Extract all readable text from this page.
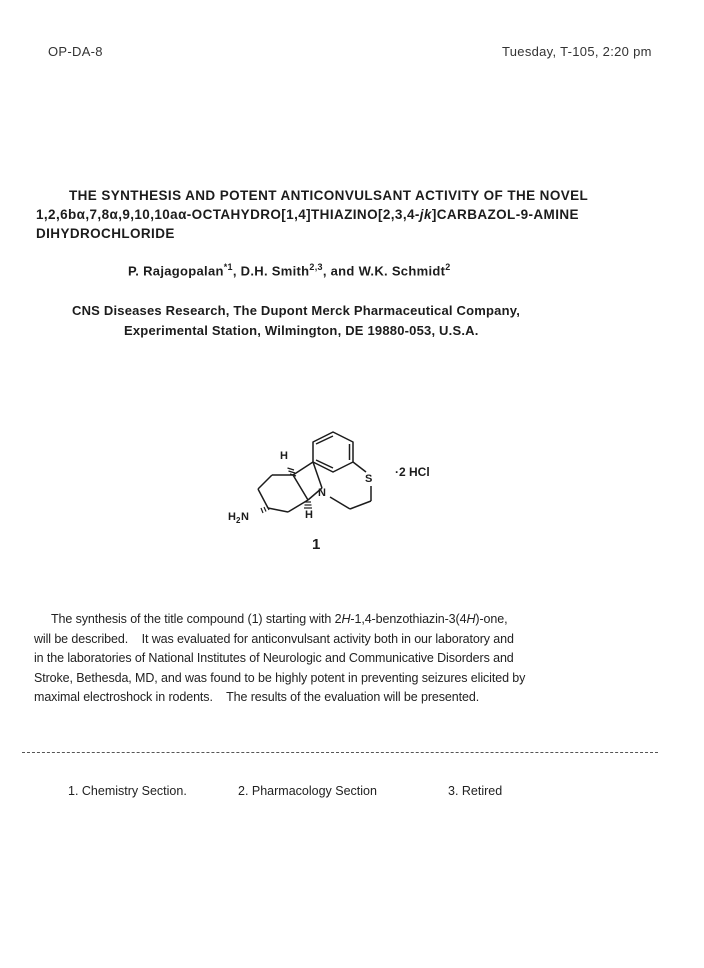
OP-DA-8	Tuesday, T-105, 2:20 pm
THE SYNTHESIS AND POTENT ANTICONVULSANT ACTIVITY OF THE NOVEL
1,2,6bα,7,8α,9,10,10aα-OCTAHYDRO[1,4]THIAZINO[2,3,4-jk]CARBAZOL-9-AMINE
DIHYDROCHLORIDE
P. Rajagopalan$^{*1}$, D.H. Smith$^{2,3}$, and W.K. Schmidt$^2$
CNS Diseases Research, The Dupont Merck Pharmaceutical Company,
Experimental Station, Wilmington, DE 19880-053, U.S.A.
S
N
H
H
H 2 N
·2 HCl
1
The synthesis of the title compound (1) starting with 2H-1,4-benzothiazin-3(4H)-one,
will be described.    It was evaluated for anticonvulsant activity both in our laboratory and
in the laboratories of National Institutes of Neurologic and Communicative Disorders and
Stroke, Bethesda, MD, and was found to be highly potent in preventing seizures elicited by
maximal electroshock in rodents.    The results of the evaluation will be presented.
1. Chemistry Section.	2. Pharmacology Section	3. Retired
